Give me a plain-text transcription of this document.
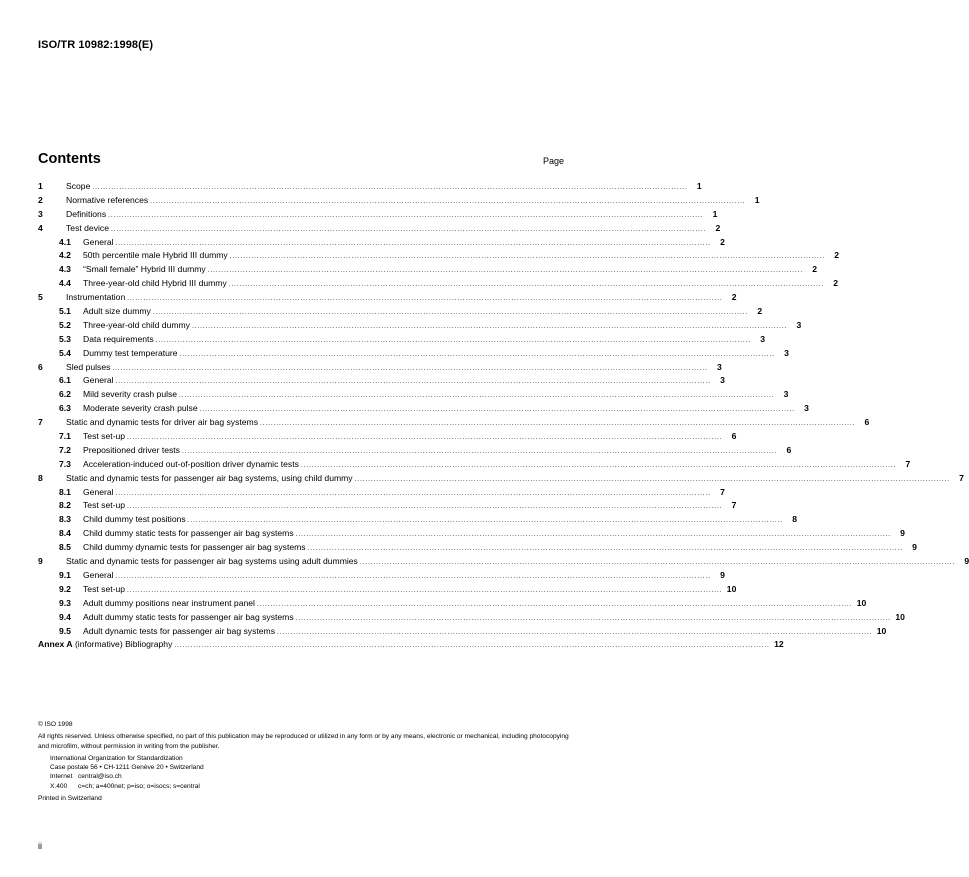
ISO/TR 10982:1998(E)
Contents	Page
1	Scope ............................................................................................................................................................................................................................	1
2	Normative references ............................................................................................................................................................................................................................	1
3	Definitions ............................................................................................................................................................................................................................	1
4	Test device ............................................................................................................................................................................................................................	2
4.1	General ............................................................................................................................................................................................................................	2
4.2	50th percentile male Hybrid III dummy ............................................................................................................................................................................................................................	2
4.3	“Small female” Hybrid III dummy ............................................................................................................................................................................................................................	2
4.4	Three-year-old child Hybrid III dummy ............................................................................................................................................................................................................................	2
5	Instrumentation ............................................................................................................................................................................................................................	2
5.1	Adult size dummy ............................................................................................................................................................................................................................	2
5.2	Three-year-old child dummy ............................................................................................................................................................................................................................	3
5.3	Data requirements ............................................................................................................................................................................................................................	3
5.4	Dummy test temperature ............................................................................................................................................................................................................................	3
6	Sled pulses ............................................................................................................................................................................................................................	3
6.1	General ............................................................................................................................................................................................................................	3
6.2	Mild severity crash pulse ............................................................................................................................................................................................................................	3
6.3	Moderate severity crash pulse ............................................................................................................................................................................................................................	3
7	Static and dynamic tests for driver air bag systems ............................................................................................................................................................................................................................	6
7.1	Test set-up ............................................................................................................................................................................................................................	6
7.2	Prepositioned driver tests ............................................................................................................................................................................................................................	6
7.3	Acceleration-induced out-of-position driver dynamic tests ............................................................................................................................................................................................................................	7
8	Static and dynamic tests for passenger air bag systems, using child dummy ............................................................................................................................................................................................................................	7
8.1	General ............................................................................................................................................................................................................................	7
8.2	Test set-up ............................................................................................................................................................................................................................	7
8.3	Child dummy test positions ............................................................................................................................................................................................................................	8
8.4	Child dummy static tests for passenger air bag systems ............................................................................................................................................................................................................................	9
8.5	Child dummy dynamic tests for passenger air bag systems ............................................................................................................................................................................................................................	9
9	Static and dynamic tests for passenger air bag systems using adult dummies ............................................................................................................................................................................................................................	9
9.1	General ............................................................................................................................................................................................................................	9
9.2	Test set-up ............................................................................................................................................................................................................................ 10
9.3	Adult dummy positions near instrument panel ............................................................................................................................................................................................................................ 10
9.4	Adult dummy static tests for passenger air bag systems ............................................................................................................................................................................................................................ 10
9.5	Adult dynamic tests for passenger air bag systems ............................................................................................................................................................................................................................ 10
Annex A (informative) Bibliography ............................................................................................................................................................................................................................ 12
© ISO 1998
All rights reserved. Unless otherwise specified, no part of this publication may be reproduced or utilized in any form or by any means, electronic or mechanical, including photocopying and microfilm, without permission in writing from the publisher.
International Organization for Standardization
Case postale 56 • CH-1211 Genève 20 • Switzerland
Internet central@iso.ch
X.400 c=ch; a=400net; p=iso; o=isocs; s=central
Printed in Switzerland
ii
